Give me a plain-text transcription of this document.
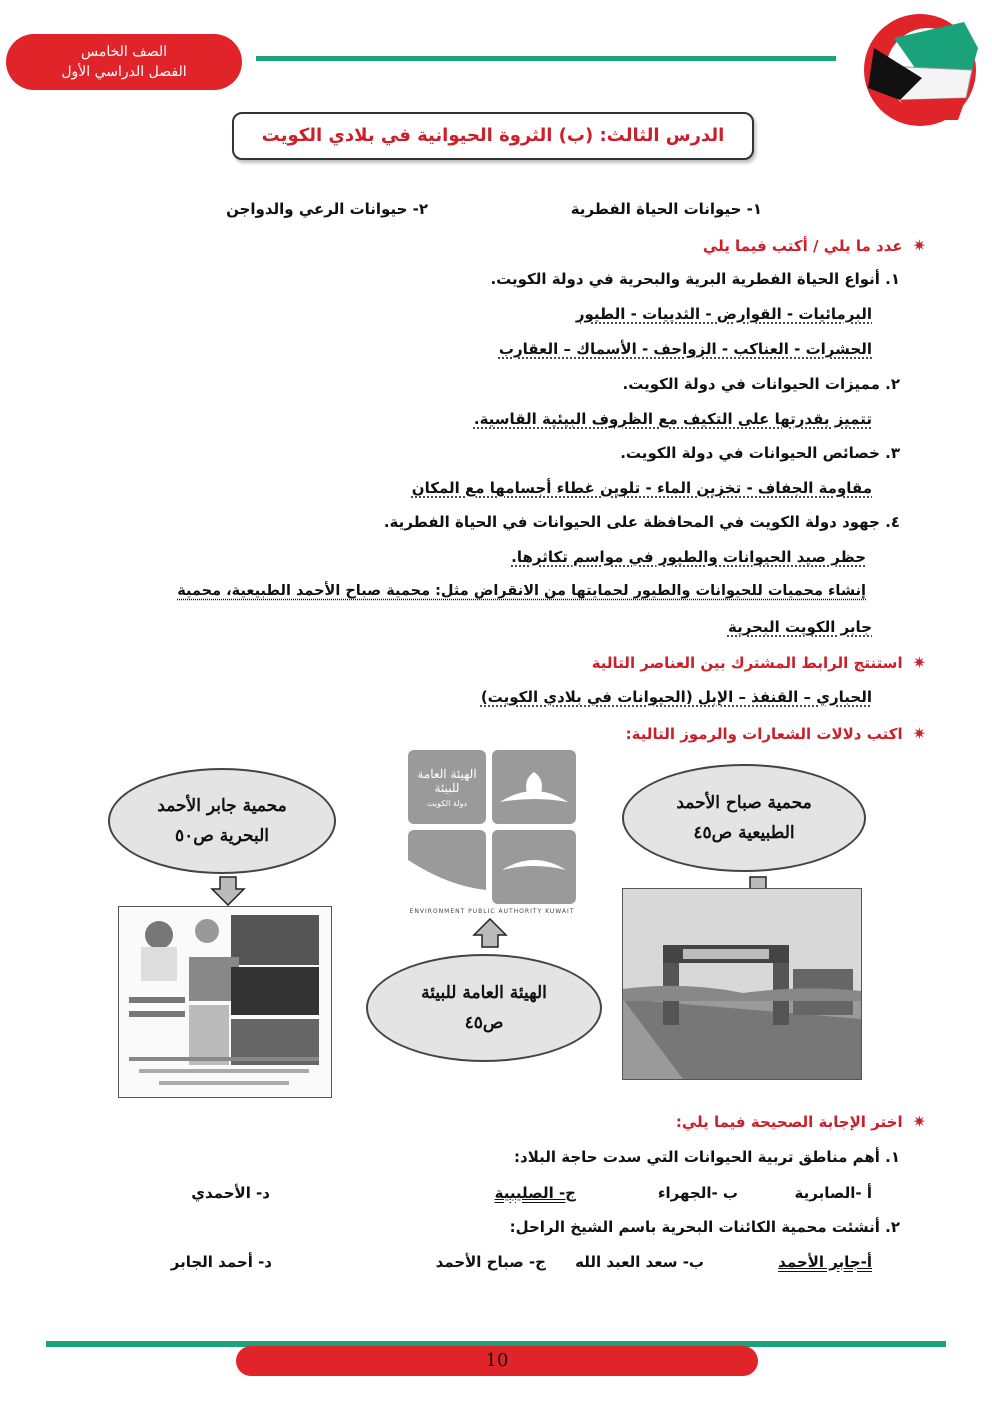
الصف الخامس
الفصل الدراسي الأول
الدرس الثالث: (ب) الثروة الحيوانية في بلادي الكويت
١- حيوانات الحياة الفطرية
٢- حيوانات الرعي والدواجن
✷عدد ما يلي / أكتب فيما يلي
١. أنواع الحياة الفطرية البرية والبحرية في دولة الكويت.
البرمائيات - القوارض - الثدييات - الطيور
الحشرات - العناكب - الزواحف - الأسماك – العقارب
٢. مميزات الحيوانات في دولة الكويت.
تتميز بقدرتها على التكيف مع الظروف البيئية القاسية.
٣. خصائص الحيوانات في دولة الكويت.
مقاومة الجفاف - تخزين الماء - تلوين غطاء أجسامها مع المكان
٤. جهود دولة الكويت في المحافظة على الحيوانات في الحياة الفطرية.
حظر صيد الحيوانات والطيور في مواسم تكاثرها.
إنشاء محميات للحيوانات والطيور لحمايتها من الانقراض مثل: محمية صباح الأحمد الطبيعية، محمية
جابر الكويت البحرية
✷استنتج الرابط المشترك بين العناصر التالية
الحباري – القنفذ – الإبل (الحيوانات في بلادي الكويت)
✷اكتب دلالات الشعارات والرموز التالية:
محمية جابر الأحمد
البحرية ص٥٠
محمية صباح الأحمد
الطبيعية ص٤٥
الهيئة العامة للبيئة
ص٤٥
الهيئة العامة للبيئة
دولة الكويت
ENVIRONMENT PUBLIC AUTHORITY KUWAIT
✷اختر الإجابة الصحيحة فيما يلي:
١. أهم مناطق تربية الحيوانات التي سدت حاجة البلاد:
أ -الصابرية
ب -الجهراء
ج- الصليبية
د- الأحمدي
٢. أنشئت محمية الكائنات البحرية باسم الشيخ الراحل:
أ-جابر الأحمد
ب- سعد العبد الله
ج- صباح الأحمد
د- أحمد الجابر
10
